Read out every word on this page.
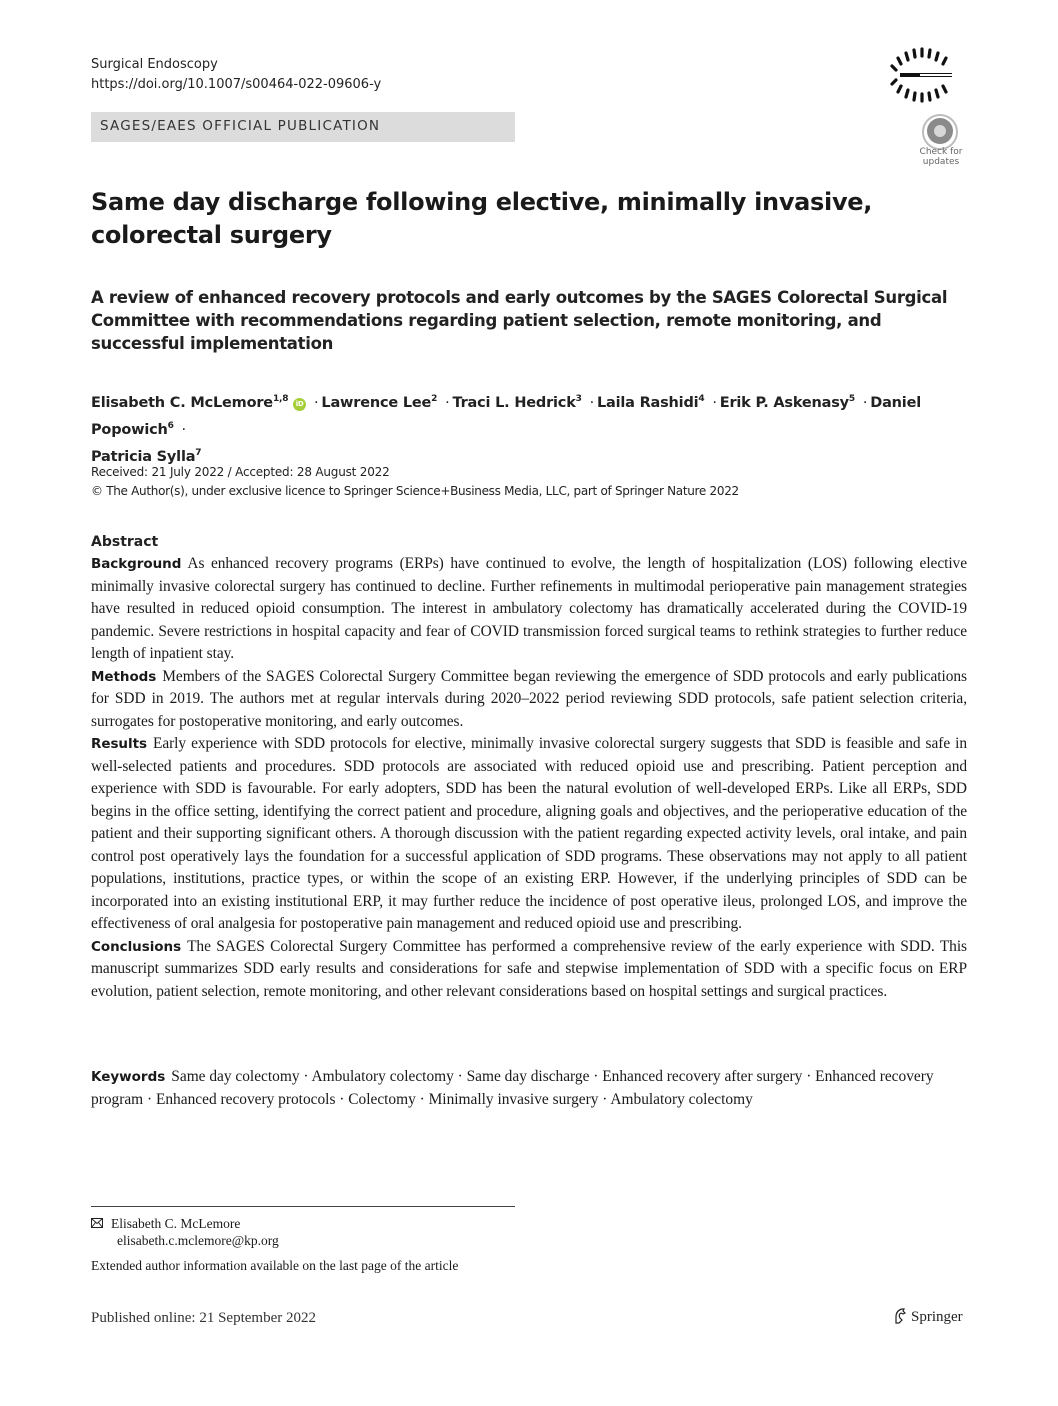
Surgical Endoscopy
https://doi.org/10.1007/s00464-022-09606-y
SAGES/EAES OFFICIAL PUBLICATION
Check for
updates
Same day discharge following elective, minimally invasive, colorectal surgery
A review of enhanced recovery protocols and early outcomes by the SAGES Colorectal Surgical Committee with recommendations regarding patient selection, remote monitoring, and successful implementation
Elisabeth C. McLemore$^{1,8}$ iD · Lawrence Lee$^2$ · Traci L. Hedrick$^3$ · Laila Rashidi$^4$ · Erik P. Askenasy$^5$ · Daniel Popowich$^6$ ·
Patricia Sylla$^7$
Received: 21 July 2022 / Accepted: 28 August 2022
© The Author(s), under exclusive licence to Springer Science+Business Media, LLC, part of Springer Nature 2022
Abstract

Background As enhanced recovery programs (ERPs) have continued to evolve, the length of hospitalization (LOS) following elective minimally invasive colorectal surgery has continued to decline. Further refinements in multimodal perioperative pain management strategies have resulted in reduced opioid consumption. The interest in ambulatory colectomy has dramatically accelerated during the COVID-19 pandemic. Severe restrictions in hospital capacity and fear of COVID transmission forced surgical teams to rethink strategies to further reduce length of inpatient stay.

Methods Members of the SAGES Colorectal Surgery Committee began reviewing the emergence of SDD protocols and early publications for SDD in 2019. The authors met at regular intervals during 2020–2022 period reviewing SDD protocols, safe patient selection criteria, surrogates for postoperative monitoring, and early outcomes.

Results Early experience with SDD protocols for elective, minimally invasive colorectal surgery suggests that SDD is feasible and safe in well-selected patients and procedures. SDD protocols are associated with reduced opioid use and prescribing. Patient perception and experience with SDD is favourable. For early adopters, SDD has been the natural evolution of well-developed ERPs. Like all ERPs, SDD begins in the office setting, identifying the correct patient and procedure, aligning goals and objectives, and the perioperative education of the patient and their supporting significant others. A thorough discussion with the patient regarding expected activity levels, oral intake, and pain control post operatively lays the foundation for a successful application of SDD programs. These observations may not apply to all patient populations, institutions, practice types, or within the scope of an existing ERP. However, if the underlying principles of SDD can be incorporated into an existing institutional ERP, it may further reduce the incidence of post operative ileus, prolonged LOS, and improve the effectiveness of oral analgesia for postoperative pain management and reduced opioid use and prescribing.

Conclusions The SAGES Colorectal Surgery Committee has performed a comprehensive review of the early experience with SDD. This manuscript summarizes SDD early results and considerations for safe and stepwise implementation of SDD with a specific focus on ERP evolution, patient selection, remote monitoring, and other relevant considerations based on hospital settings and surgical practices.

Keywords Same day colectomy · Ambulatory colectomy · Same day discharge · Enhanced recovery after surgery · Enhanced recovery program · Enhanced recovery protocols · Colectomy · Minimally invasive surgery · Ambulatory colectomy
Elisabeth C. McLemore
elisabeth.c.mclemore@kp.org
Extended author information available on the last page of the article
Published online: 21 September 2022	Springer
